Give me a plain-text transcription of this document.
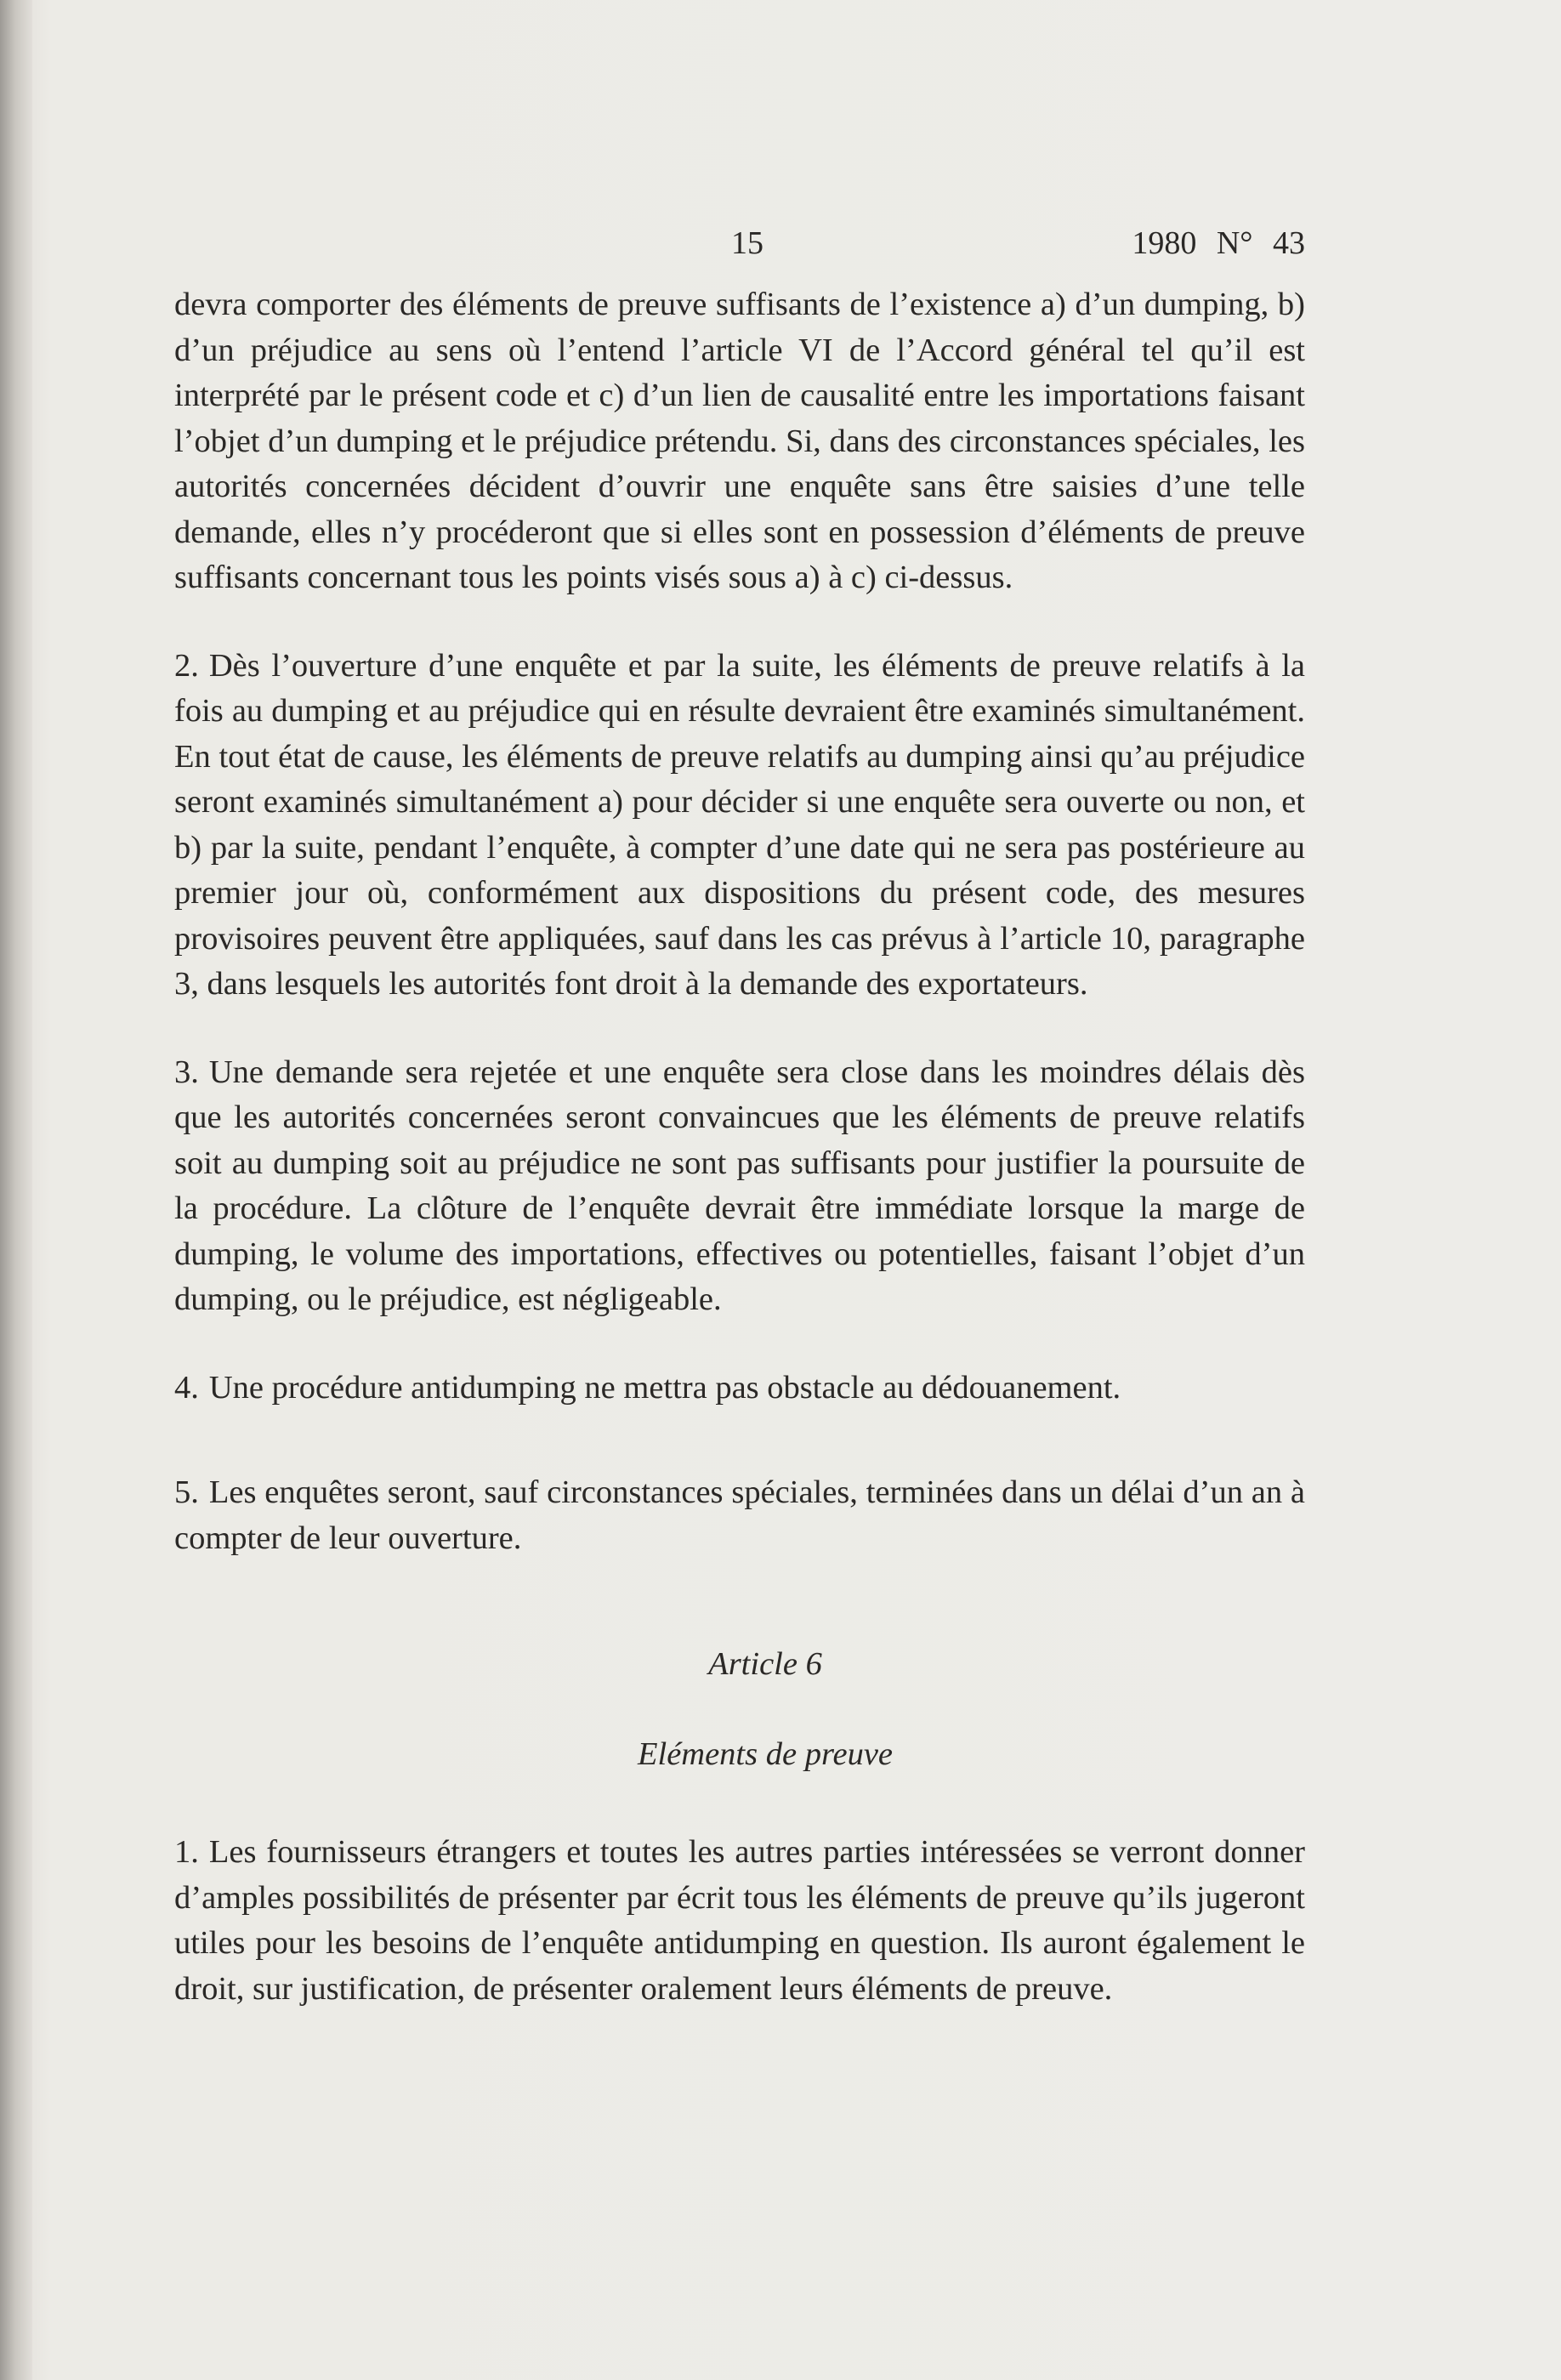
15	1980 N° 43

devra comporter des éléments de preuve suffisants de l’existence a) d’un dumping, b) d’un préjudice au sens où l’entend l’article VI de l’Accord général tel qu’il est interprété par le présent code et c) d’un lien de causalité entre les importations faisant l’objet d’un dumping et le préjudice prétendu. Si, dans des circonstances spéciales, les autorités concernées décident d’ouvrir une enquête sans être saisies d’une telle demande, elles n’y procéderont que si elles sont en possession d’éléments de preuve suffisants concernant tous les points visés sous a) à c) ci-dessus.

2. Dès l’ouverture d’une enquête et par la suite, les éléments de preuve relatifs à la fois au dumping et au préjudice qui en résulte devraient être examinés simultanément. En tout état de cause, les éléments de preuve relatifs au dumping ainsi qu’au préjudice seront examinés simultanément a) pour décider si une enquête sera ouverte ou non, et b) par la suite, pendant l’enquête, à compter d’une date qui ne sera pas postérieure au premier jour où, conformément aux dispositions du présent code, des mesures provisoires peuvent être appliquées, sauf dans les cas prévus à l’article 10, paragraphe 3, dans lesquels les autorités font droit à la demande des exportateurs.

3. Une demande sera rejetée et une enquête sera close dans les moindres délais dès que les autorités concernées seront convaincues que les éléments de preuve relatifs soit au dumping soit au préjudice ne sont pas suffisants pour justifier la poursuite de la procédure. La clôture de l’enquête devrait être immédiate lorsque la marge de dumping, le volume des importations, effectives ou potentielles, faisant l’objet d’un dumping, ou le préjudice, est négligeable.

4. Une procédure antidumping ne mettra pas obstacle au dédouanement.

5. Les enquêtes seront, sauf circonstances spéciales, terminées dans un délai d’un an à compter de leur ouverture.

Article 6
Eléments de preuve

1. Les fournisseurs étrangers et toutes les autres parties intéressées se verront donner d’amples possibilités de présenter par écrit tous les éléments de preuve qu’ils jugeront utiles pour les besoins de l’enquête antidumping en question. Ils auront également le droit, sur justification, de présenter oralement leurs éléments de preuve.
